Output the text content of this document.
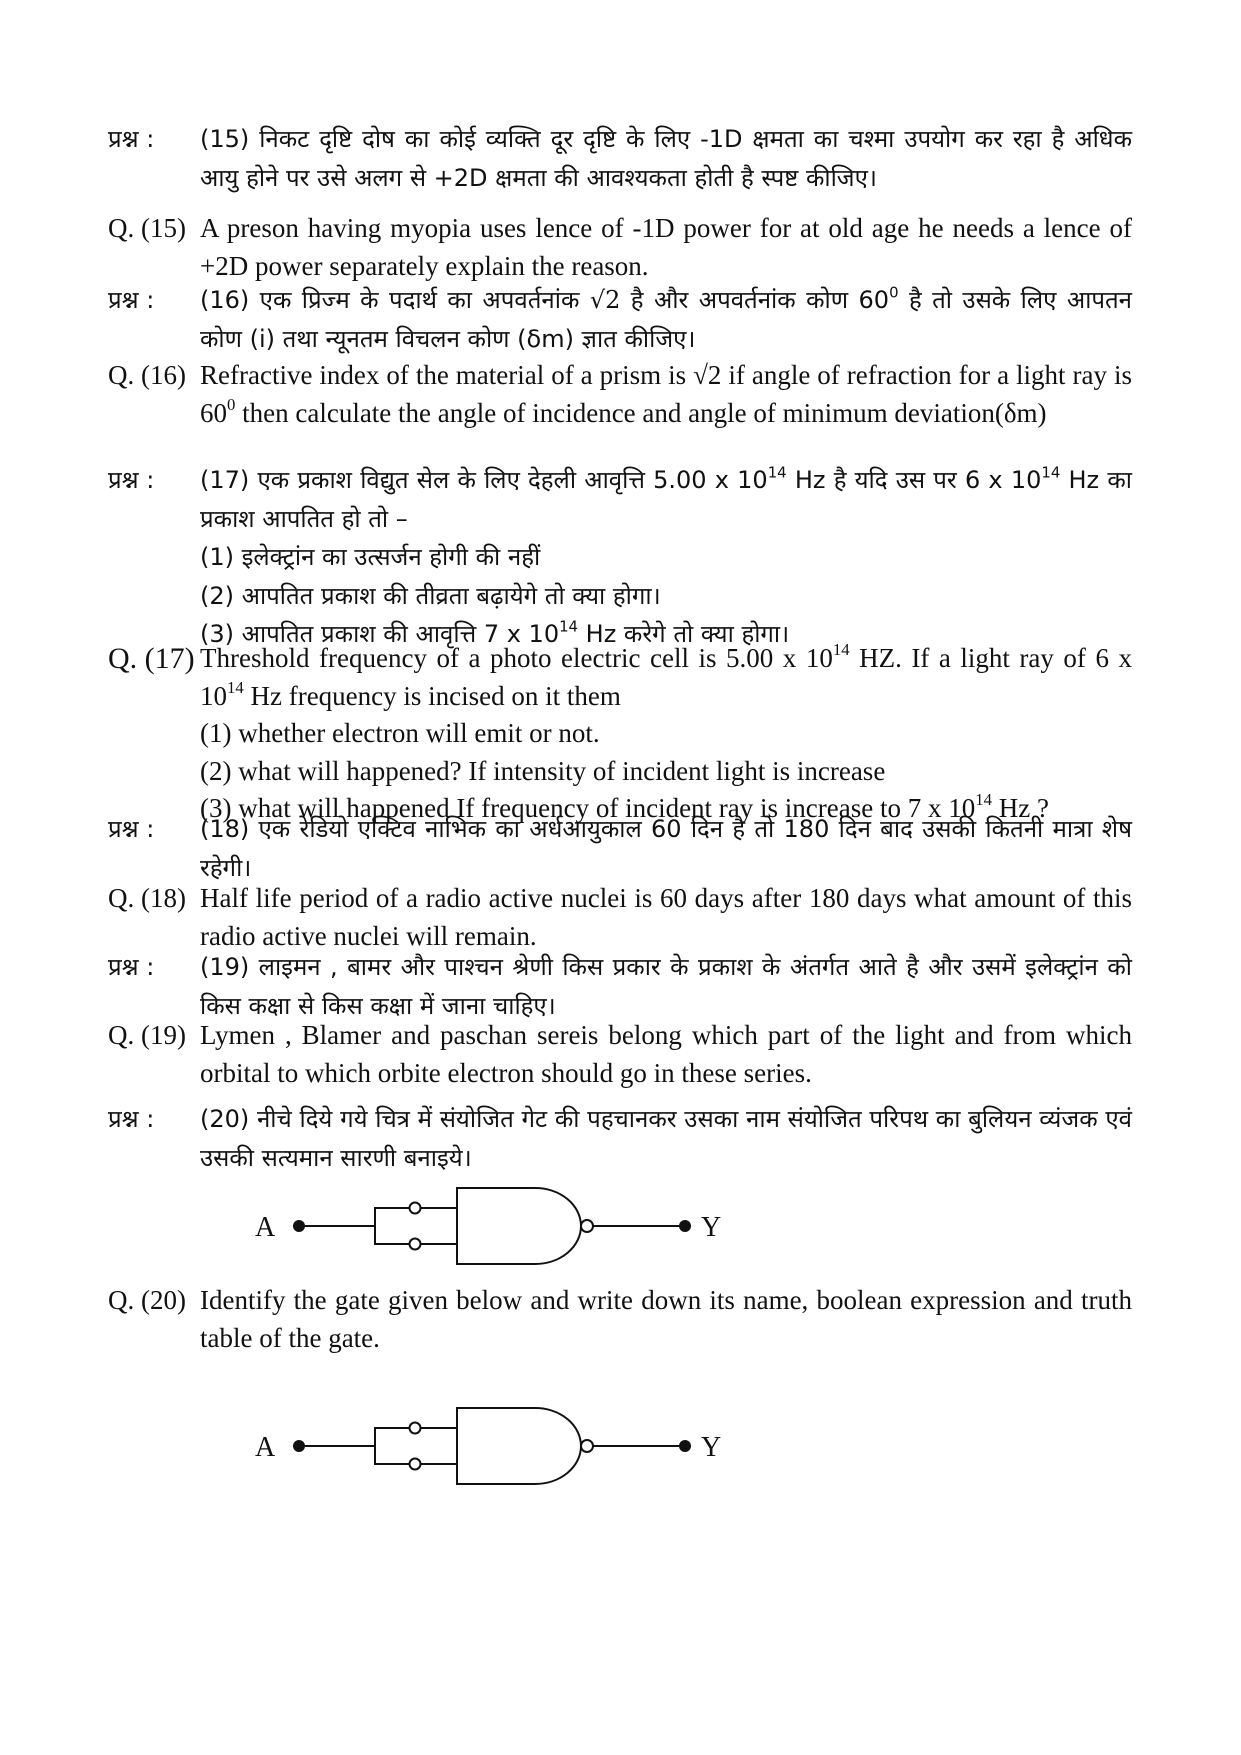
प्रश्न :	(15) निकट दृष्टि दोष का कोई व्यक्ति दूर दृष्टि के लिए -1D क्षमता का चश्मा उपयोग कर रहा है अधिक आयु होने पर उसे अलग से +2D क्षमता की आवश्यकता होती है स्पष्ट कीजिए।
Q. (15) A preson having myopia uses lence of -1D power for at old age he needs a lence of +2D power separately explain the reason.
प्रश्न :	(16) एक प्रिज्म के पदार्थ का अपवर्तनांक √2 है और अपवर्तनांक कोण $60^0$ है तो उसके लिए आपतन कोण (i) तथा न्यूनतम विचलन कोण (δm) ज्ञात कीजिए।
Q. (16) Refractive index of the material of a prism is √2 if angle of refraction for a light ray is $60^0$ then calculate the angle of incidence and angle of minimum deviation(δm)
प्रश्न :	(17) एक प्रकाश विद्युत सेल के लिए देहली आवृत्ति 5.00 x $10^{14}$ Hz है यदि उस पर 6 x $10^{14}$ Hz का प्रकाश आपतित हो तो –
(1) इलेक्ट्रांन का उत्सर्जन होगी की नहीं
(2) आपतित प्रकाश की तीव्रता बढ़ायेगे तो क्या होगा।
(3) आपतित प्रकाश की आवृत्ति 7 x $10^{14}$ Hz करेगे तो क्या होगा।
Q. (17) Threshold frequency of a photo electric cell is 5.00 x $10^{14}$ HZ. If a light ray of 6 x $10^{14}$ Hz frequency is incised on it them
(1) whether electron will emit or not.
(2) what will happened? If intensity of incident light is increase
(3) what will happened If frequency of incident ray is increase to 7 x $10^{14}$ Hz ?
प्रश्न :	(18) एक रेडियो एक्टिव नाभिक का अर्धआयुकाल 60 दिन है तो 180 दिन बाद उसकी कितनी मात्रा शेष रहेगी।
Q. (18) Half life period of a radio active nuclei is 60 days after 180 days what amount of this radio active nuclei will remain.
प्रश्न :	(19) लाइमन , बामर और पाश्चन श्रेणी किस प्रकार के प्रकाश के अंतर्गत आते है और उसमें इलेक्ट्रांन को किस कक्षा से किस कक्षा में जाना चाहिए।
Q. (19) Lymen , Blamer and paschan sereis belong which part of the light and from which orbital to which orbite electron should go in these series.
प्रश्न :	(20) नीचे दिये गये चित्र में संयोजित गेट की पहचानकर उसका नाम संयोजित परिपथ का बुलियन व्यंजक एवं उसकी सत्यमान सारणी बनाइये।
A	Y
Q. (20) Identify the gate given below and write down its name, boolean expression and truth table of the gate.
A	Y
